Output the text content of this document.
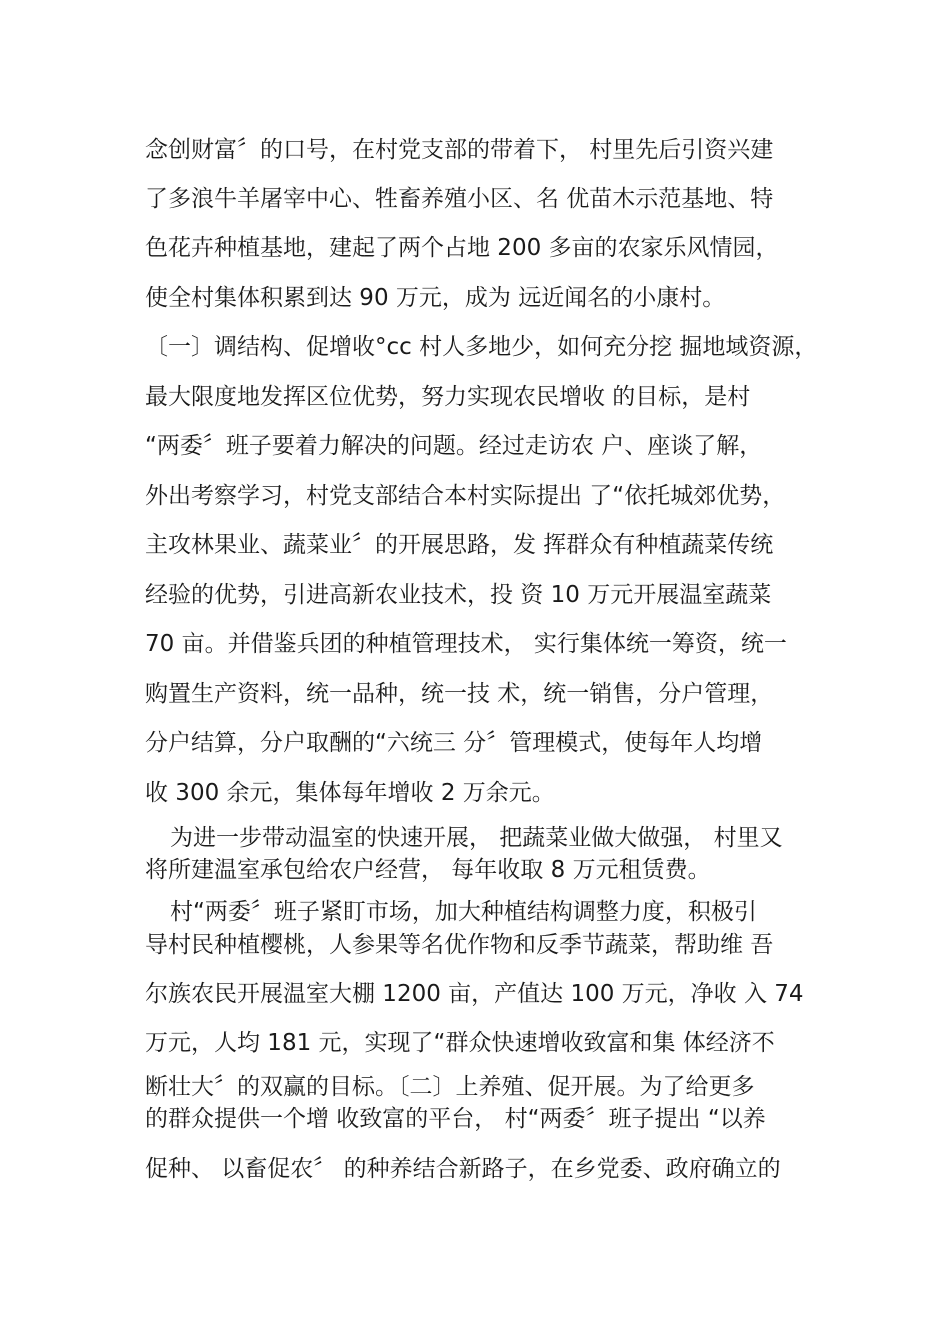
念创财富〞的口号，在村党支部的带着下， 村里先后引资兴建
了多浪牛羊屠宰中心、牲畜养殖小区、名 优苗木示范基地、特
色花卉种植基地，建起了两个占地 200 多亩的农家乐风情园，
使全村集体积累到达 90 万元，成为 远近闻名的小康村。
〔一〕调结构、促增收°cc 村人多地少，如何充分挖 掘地域资源，
最大限度地发挥区位优势，努力实现农民增收 的目标，是村
“两委〞班子要着力解决的问题。经过走访农 户、座谈了解，
外出考察学习，村党支部结合本村实际提出 了“依托城郊优势，
主攻林果业、蔬菜业〞的开展思路，发 挥群众有种植蔬菜传统
经验的优势，引进高新农业技术，投 资 10 万元开展温室蔬菜
70 亩。并借鉴兵团的种植管理技术， 实行集体统一筹资，统一
购置生产资料，统一品种，统一技 术，统一销售，分户管理，
分户结算，分户取酬的“六统三 分〞管理模式，使每年人均增
收 300 余元，集体每年增收 2 万余元。
为进一步带动温室的快速开展， 把蔬菜业做大做强， 村里又
将所建温室承包给农户经营， 每年收取 8 万元租赁费。
村“两委〞班子紧盯市场，加大种植结构调整力度，积极引
导村民种植樱桃，人参果等名优作物和反季节蔬菜，帮助维 吾
尔族农民开展温室大棚 1200 亩，产值达 100 万元，净收 入 74
万元，人均 181 元，实现了“群众快速增收致富和集 体经济不
断壮大〞的双赢的目标。〔二〕上养殖、促开展。为了给更多
的群众提供一个增 收致富的平台， 村“两委〞班子提出 “以养
促种、 以畜促农〞 的种养结合新路子，在乡党委、政府确立的
